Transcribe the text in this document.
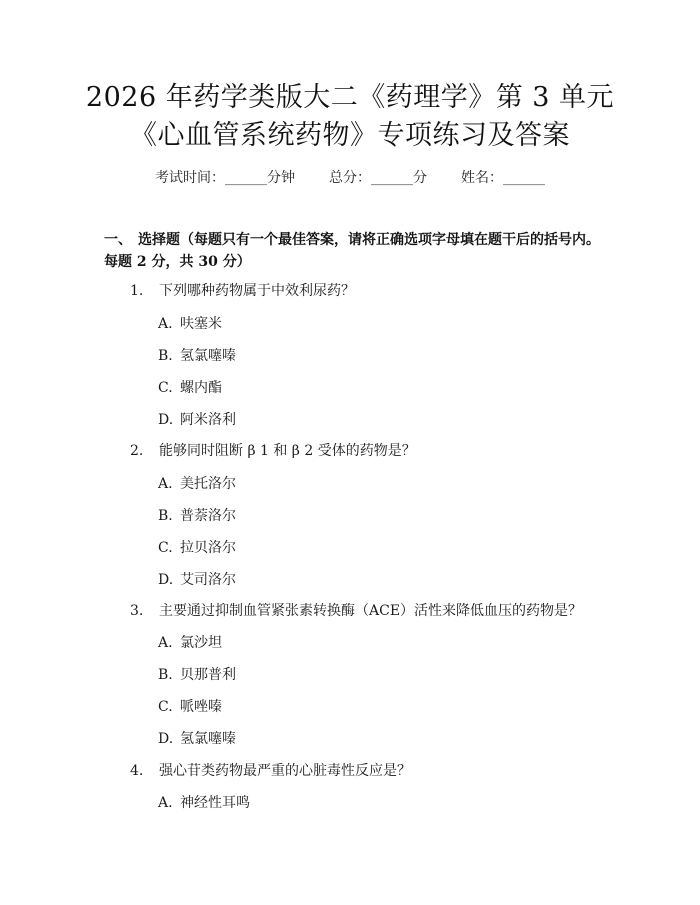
2026 年药学类版大二《药理学》第 3 单元
《心血管系统药物》专项练习及答案
考试时间：______分钟 总分：______分 姓名：______
一、 选择题（每题只有一个最佳答案，请将正确选项字母填在题干后的括号内。
每题 2 分，共 30 分）
1. 下列哪种药物属于中效利尿药？
A. 呋塞米
B. 氢氯噻嗪
C. 螺内酯
D. 阿米洛利
2. 能够同时阻断 β 1 和 β 2 受体的药物是？
A. 美托洛尔
B. 普萘洛尔
C. 拉贝洛尔
D. 艾司洛尔
3. 主要通过抑制血管紧张素转换酶（ACE）活性来降低血压的药物是？
A. 氯沙坦
B. 贝那普利
C. 哌唑嗪
D. 氢氯噻嗪
4. 强心苷类药物最严重的心脏毒性反应是？
A. 神经性耳鸣
